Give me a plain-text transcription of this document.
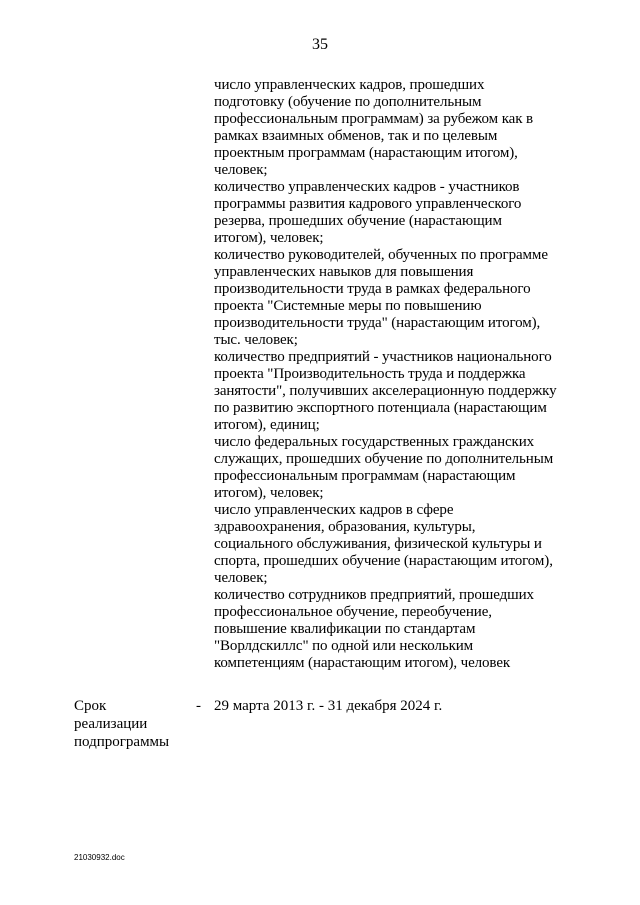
35
число управленческих кадров, прошедших
подготовку (обучение по дополнительным
профессиональным программам) за рубежом как в
рамках взаимных обменов, так и по целевым
проектным программам (нарастающим итогом),
человек;
количество управленческих кадров - участников
программы развития кадрового управленческого
резерва, прошедших обучение (нарастающим
итогом), человек;
количество руководителей, обученных по программе
управленческих навыков для повышения
производительности труда в рамках федерального
проекта "Системные меры по повышению
производительности труда" (нарастающим итогом),
тыс. человек;
количество предприятий - участников национального
проекта "Производительность труда и поддержка
занятости", получивших акселерационную поддержку
по развитию экспортного потенциала (нарастающим
итогом), единиц;
число федеральных государственных гражданских
служащих, прошедших обучение по дополнительным
профессиональным программам (нарастающим
итогом), человек;
число управленческих кадров в сфере
здравоохранения, образования, культуры,
социального обслуживания, физической культуры и
спорта, прошедших обучение (нарастающим итогом),
человек;
количество сотрудников предприятий, прошедших
профессиональное обучение, переобучение,
повышение квалификации по стандартам
"Ворлдскиллс" по одной или нескольким
компетенциям (нарастающим итогом), человек
Срок
реализации
подпрограммы
- 29 марта 2013 г. - 31 декабря 2024 г.
21030932.doc
